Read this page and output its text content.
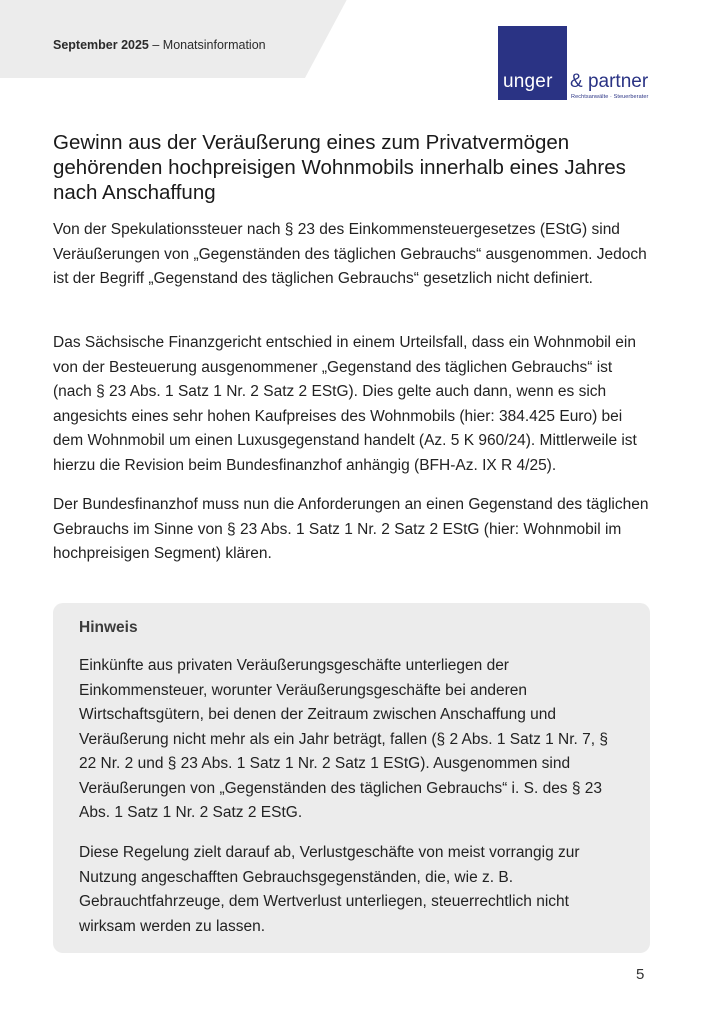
September 2025 – Monatsinformation
unger & partner
Rechtsanwälte · Steuerberater
Gewinn aus der Veräußerung eines zum Privatvermögen gehörenden hochpreisigen Wohnmobils innerhalb eines Jahres nach Anschaffung

Von der Spekulationssteuer nach § 23 des Einkommensteuergesetzes (EStG) sind Veräußerungen von „Gegenständen des täglichen Gebrauchs“ ausgenommen. Jedoch ist der Begriff „Gegenstand des täglichen Gebrauchs“ gesetzlich nicht definiert.

Das Sächsische Finanzgericht entschied in einem Urteilsfall, dass ein Wohnmobil ein von der Besteuerung ausgenommener „Gegenstand des täglichen Gebrauchs“ ist (nach § 23 Abs. 1 Satz 1 Nr. 2 Satz 2 EStG). Dies gelte auch dann, wenn es sich angesichts eines sehr hohen Kaufpreises des Wohnmobils (hier: 384.425 Euro) bei dem Wohnmobil um einen Luxusgegenstand handelt (Az. 5 K 960/24). Mittlerweile ist hierzu die Revision beim Bundesfinanzhof anhängig (BFH-Az. IX R 4/25).

Der Bundesfinanzhof muss nun die Anforderungen an einen Gegenstand des täglichen Gebrauchs im Sinne von § 23 Abs. 1 Satz 1 Nr. 2 Satz 2 EStG (hier: Wohnmobil im hochpreisigen Segment) klären.

Hinweis

Einkünfte aus privaten Veräußerungsgeschäfte unterliegen der Einkommensteuer, worunter Veräußerungsgeschäfte bei anderen Wirtschaftsgütern, bei denen der Zeitraum zwischen Anschaffung und Veräußerung nicht mehr als ein Jahr beträgt, fallen (§ 2 Abs. 1 Satz 1 Nr. 7, § 22 Nr. 2 und § 23 Abs. 1 Satz 1 Nr. 2 Satz 1 EStG). Ausgenommen sind Veräußerungen von „Gegenständen des täglichen Gebrauchs“ i. S. des § 23 Abs. 1 Satz 1 Nr. 2 Satz 2 EStG.

Diese Regelung zielt darauf ab, Verlustgeschäfte von meist vorrangig zur Nutzung angeschafften Gebrauchsgegenständen, die, wie z. B. Gebrauchtfahrzeuge, dem Wertverlust unterliegen, steuerrechtlich nicht wirksam werden zu lassen.

5
